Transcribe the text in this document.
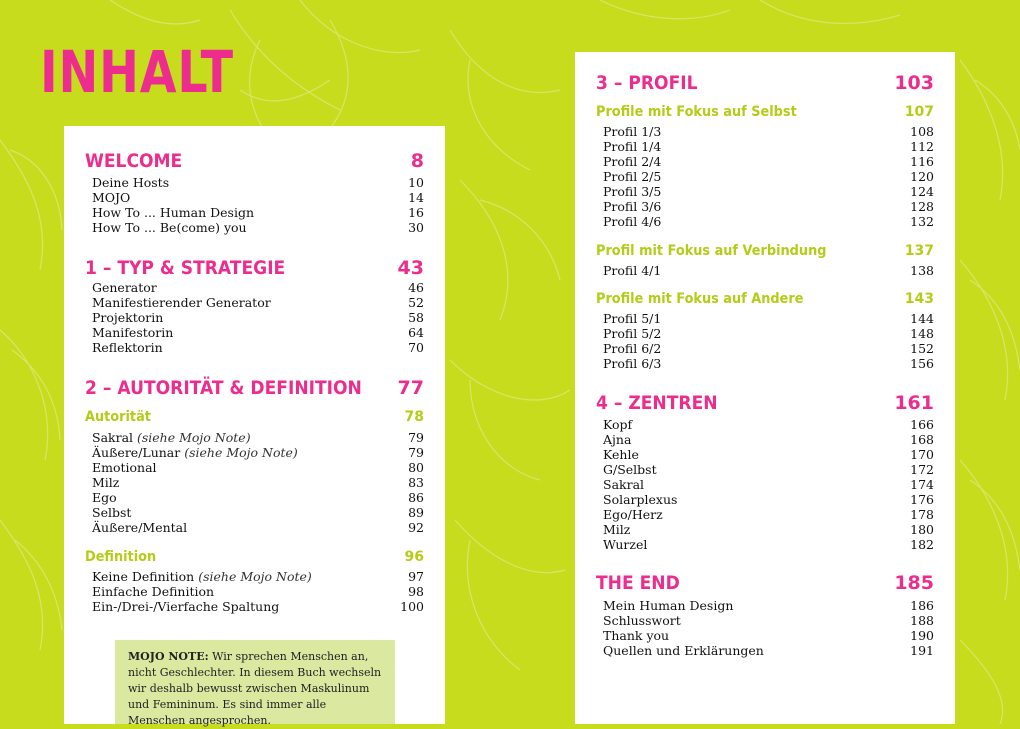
INHALT
WELCOME	8
Deine Hosts	10
MOJO	14
How To ... Human Design	16
How To ... Be(come) you	30
1 – TYP & STRATEGIE	43
Generator	46
Manifestierender Generator	52
Projektorin	58
Manifestorin	64
Reflektorin	70
2 – AUTORITÄT & DEFINITION 77
Autorität	78
Sakral (siehe Mojo Note)	79
Äußere/Lunar (siehe Mojo Note)	79
Emotional	80
Milz	83
Ego	86
Selbst	89
Äußere/Mental	92
Definition	96
Keine Definition (siehe Mojo Note)	97
Einfache Definition	98
Ein-/Drei-/Vierfache Spaltung	100
MOJO NOTE: Wir sprechen Menschen an, nicht Geschlechter. In diesem Buch wechseln wir deshalb bewusst zwischen Maskulinum und Femininum. Es sind immer alle Menschen angesprochen.
3 – PROFIL	103
Profile mit Fokus auf Selbst	107
Profil 1/3	108
Profil 1/4	112
Profil 2/4	116
Profil 2/5	120
Profil 3/5	124
Profil 3/6	128
Profil 4/6	132
Profil mit Fokus auf Verbindung	137
Profil 4/1	138
Profile mit Fokus auf Andere	143
Profil 5/1	144
Profil 5/2	148
Profil 6/2	152
Profil 6/3	156
4 – ZENTREN	161
Kopf	166
Ajna	168
Kehle	170
G/Selbst	172
Sakral	174
Solarplexus	176
Ego/Herz	178
Milz	180
Wurzel	182
THE END	185
Mein Human Design	186
Schlusswort	188
Thank you	190
Quellen und Erklärungen	191
